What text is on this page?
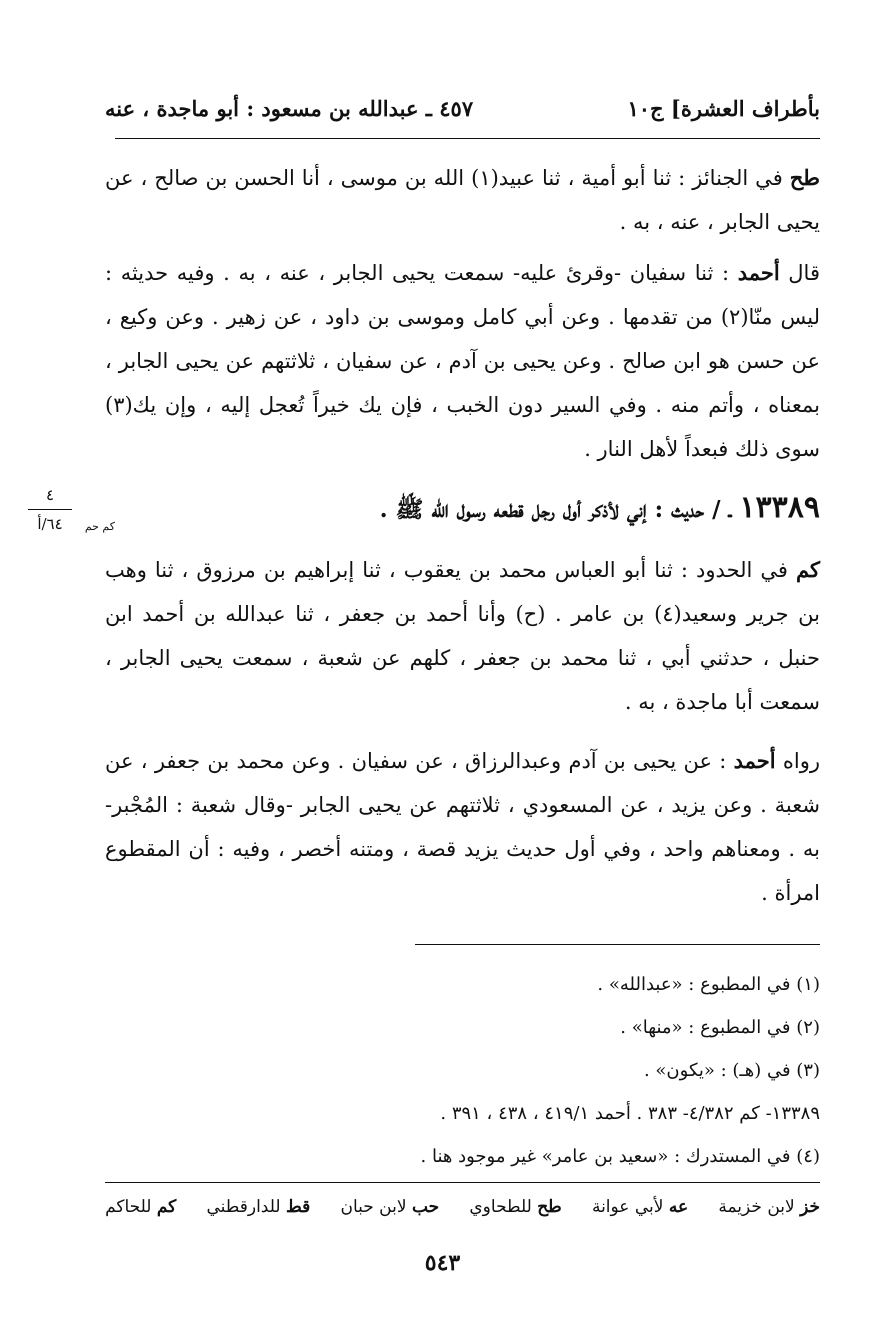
٤٥٧ ـ عبدالله بن مسعود : أبو ماجدة ، عنه	بأطراف العشرة] ج١٠
طح في الجنائز : ثنا أبو أمية ، ثنا عبيد(١) الله بن موسى ، أنا الحسن بن صالح ، عن يحيى الجابر ، عنه ، به .
قال أحمد : ثنا سفيان -وقرئ عليه- سمعت يحيى الجابر ، عنه ، به . وفيه حديثه : ليس منّا(٢) من تقدمها . وعن أبي كامل وموسى بن داود ، عن زهير . وعن وكيع ، عن حسن هو ابن صالح . وعن يحيى بن آدم ، عن سفيان ، ثلاثتهم عن يحيى الجابر ، بمعناه ، وأتم منه . وفي السير دون الخبب ، فإن يك خيراً تُعجل إليه ، وإن يك(٣) سوى ذلك فبعداً لأهل النار .
٤
٦٤/أ	١٣٣٨٩ ـ / حديث : إني لأذكر أول رجل قطعه رسول الله ﷺ .
كم حم
كم في الحدود : ثنا أبو العباس محمد بن يعقوب ، ثنا إبراهيم بن مرزوق ، ثنا وهب بن جرير وسعيد(٤) بن عامر . (ح) وأنا أحمد بن جعفر ، ثنا عبدالله بن أحمد ابن حنبل ، حدثني أبي ، ثنا محمد بن جعفر ، كلهم عن شعبة ، سمعت يحيى الجابر ، سمعت أبا ماجدة ، به .
رواه أحمد : عن يحيى بن آدم وعبدالرزاق ، عن سفيان . وعن محمد بن جعفر ، عن شعبة . وعن يزيد ، عن المسعودي ، ثلاثتهم عن يحيى الجابر -وقال شعبة : المُجْبر- به . ومعناهم واحد ، وفي أول حديث يزيد قصة ، ومتنه أخصر ، وفيه : أن المقطوع امرأة .
(١) في المطبوع : «عبدالله» .
(٢) في المطبوع : «منها» .
(٣) في (هـ) : «يكون» .
١٣٣٨٩- كم ٤/٣٨٢- ٣٨٣ . أحمد ٤١٩/١ ، ٤٣٨ ، ٣٩١ .
(٤) في المستدرك : «سعيد بن عامر» غير موجود هنا .
خز لابن خزيمة
عه لأبي عوانة
طح للطحاوي
حب لابن حبان
قط للدارقطني
كم للحاكم
٥٤٣
